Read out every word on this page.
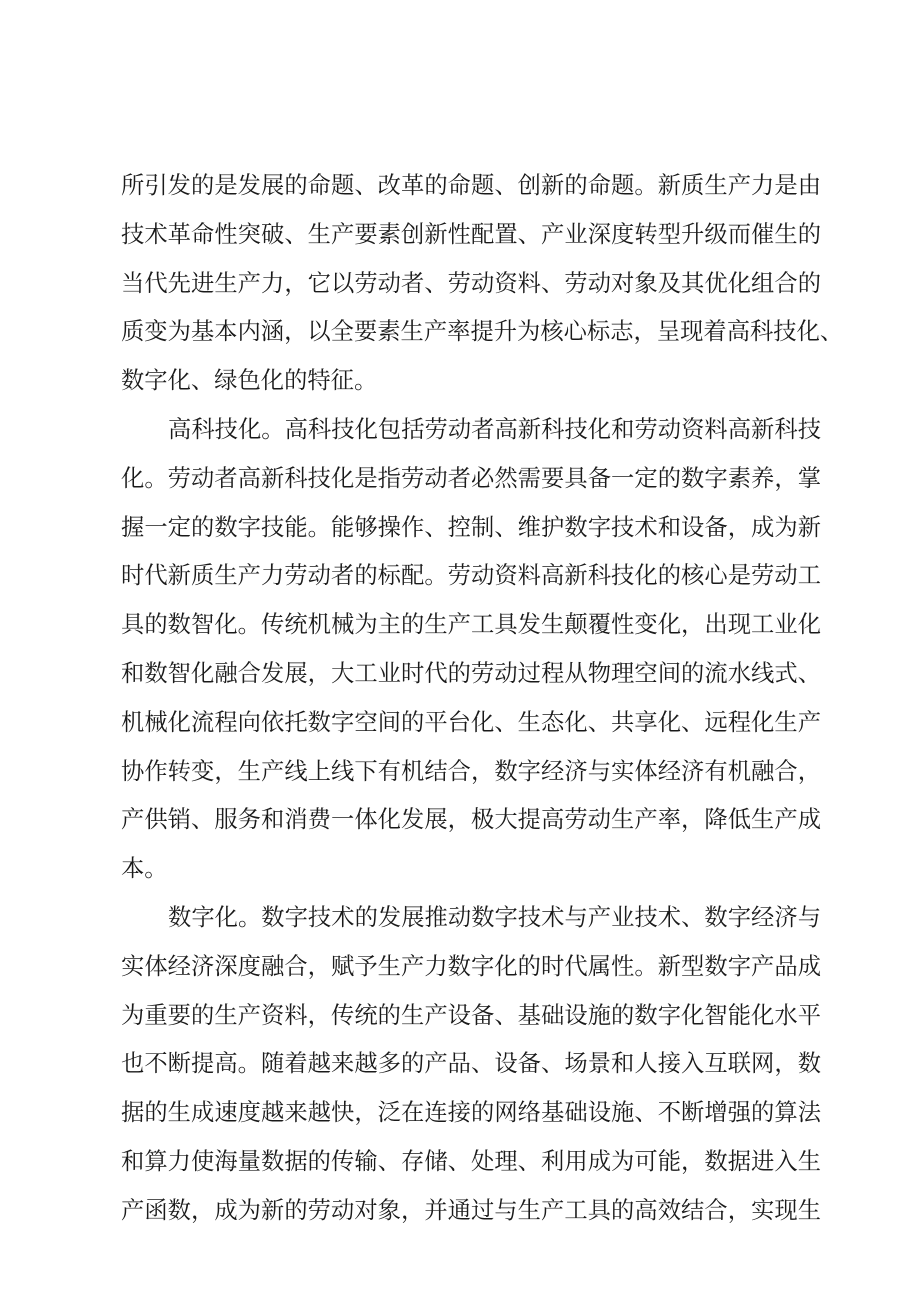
所引发的是发展的命题、改革的命题、创新的命题。新质生产力是由
技术革命性突破、生产要素创新性配置、产业深度转型升级而催生的
当代先进生产力，它以劳动者、劳动资料、劳动对象及其优化组合的
质变为基本内涵，以全要素生产率提升为核心标志，呈现着高科技化、
数字化、绿色化的特征。
高科技化。高科技化包括劳动者高新科技化和劳动资料高新科技
化。劳动者高新科技化是指劳动者必然需要具备一定的数字素养，掌
握一定的数字技能。能够操作、控制、维护数字技术和设备，成为新
时代新质生产力劳动者的标配。劳动资料高新科技化的核心是劳动工
具的数智化。传统机械为主的生产工具发生颠覆性变化，出现工业化
和数智化融合发展，大工业时代的劳动过程从物理空间的流水线式、
机械化流程向依托数字空间的平台化、生态化、共享化、远程化生产
协作转变，生产线上线下有机结合，数字经济与实体经济有机融合，
产供销、服务和消费一体化发展，极大提高劳动生产率，降低生产成
本。
数字化。数字技术的发展推动数字技术与产业技术、数字经济与
实体经济深度融合，赋予生产力数字化的时代属性。新型数字产品成
为重要的生产资料，传统的生产设备、基础设施的数字化智能化水平
也不断提高。随着越来越多的产品、设备、场景和人接入互联网，数
据的生成速度越来越快，泛在连接的网络基础设施、不断增强的算法
和算力使海量数据的传输、存储、处理、利用成为可能，数据进入生
产函数，成为新的劳动对象，并通过与生产工具的高效结合，实现生
